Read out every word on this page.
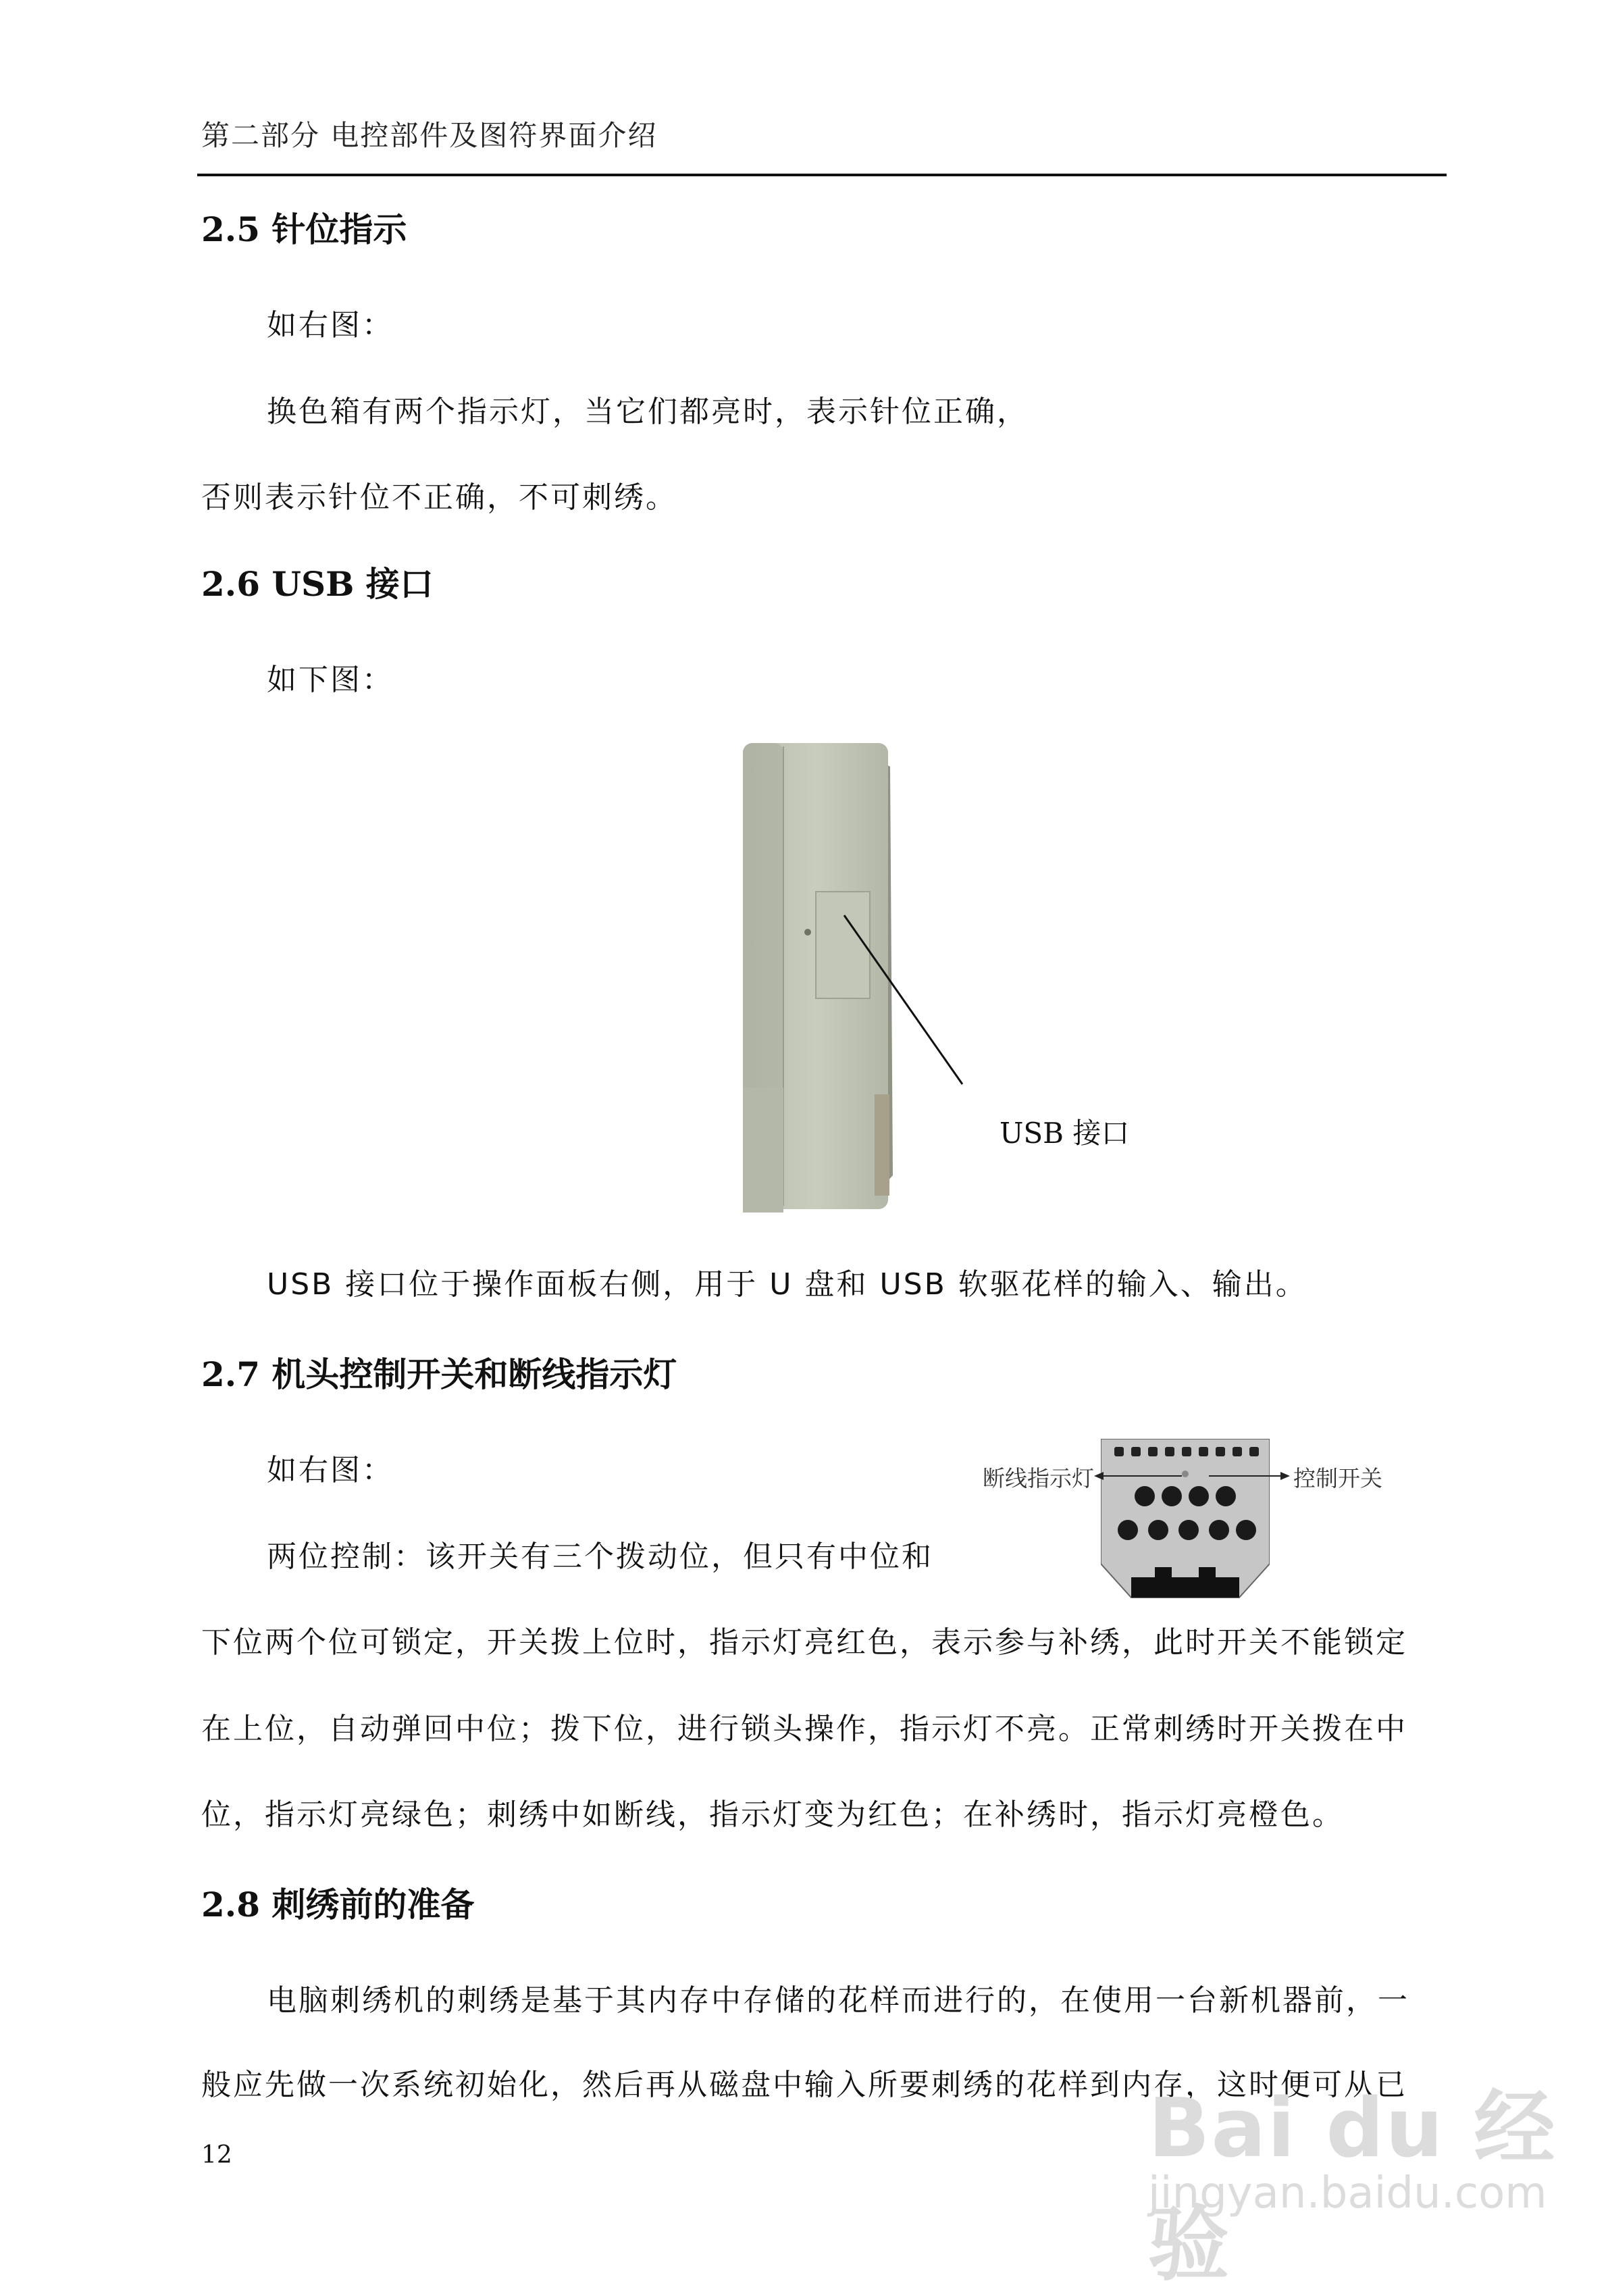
第二部分 电控部件及图符界面介绍
2.5 针位指示
如右图：
换色箱有两个指示灯，当它们都亮时，表示针位正确，
否则表示针位不正确，不可刺绣。
2.6 USB 接口
如下图：
USB 接口
USB 接口位于操作面板右侧，用于 U 盘和 USB 软驱花样的输入、输出。
2.7 机头控制开关和断线指示灯
如右图：
两位控制：该开关有三个拨动位，但只有中位和
下位两个位可锁定，开关拨上位时，指示灯亮红色，表示参与补绣，此时开关不能锁定
在上位，自动弹回中位；拨下位，进行锁头操作，指示灯不亮。正常刺绣时开关拨在中
位，指示灯亮绿色；刺绣中如断线，指示灯变为红色；在补绣时，指示灯亮橙色。
断线指示灯	控制开关
2.8 刺绣前的准备
电脑刺绣机的刺绣是基于其内存中存储的花样而进行的，在使用一台新机器前，一
般应先做一次系统初始化，然后再从磁盘中输入所要刺绣的花样到内存，这时便可从已
12	Bai du 经验
jingyan.baidu.com
